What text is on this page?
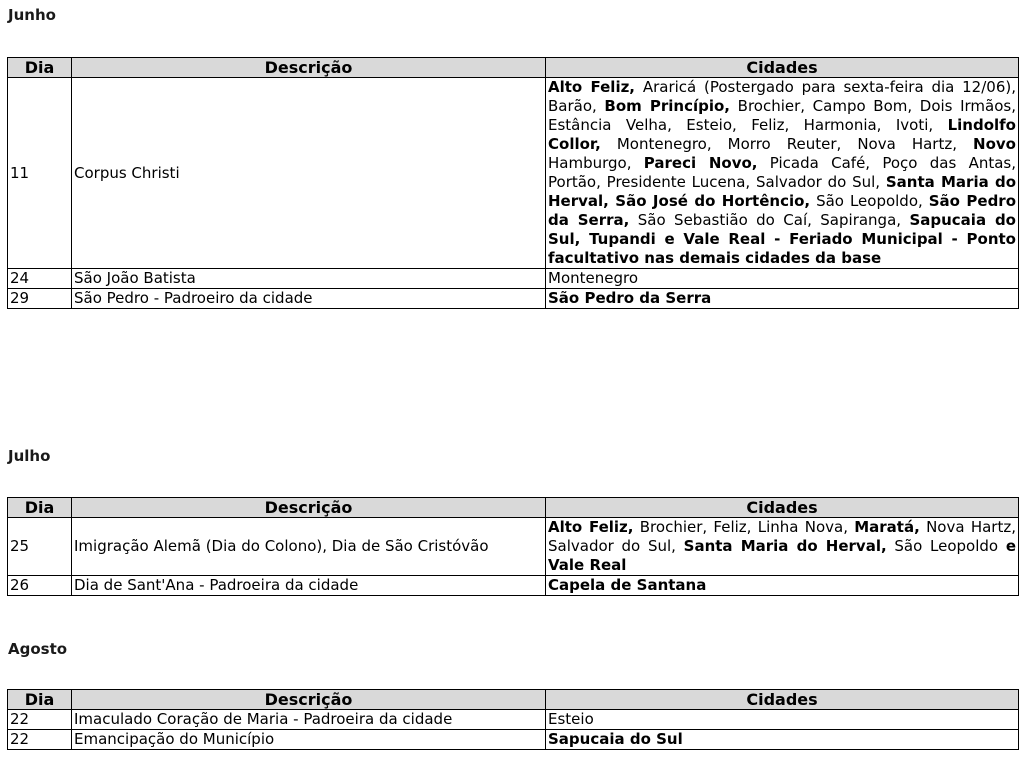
Junho
Dia	Descrição	Cidades
11	Corpus Christi	Alto Feliz, Araricá (Postergado para sexta-feira dia 12/06), Barão, Bom Princípio, Brochier, Campo Bom, Dois Irmãos, Estância Velha, Esteio, Feliz, Harmonia, Ivoti, Lindolfo Collor, Montenegro, Morro Reuter, Nova Hartz, Novo Hamburgo, Pareci Novo, Picada Café, Poço das Antas, Portão, Presidente Lucena, Salvador do Sul, Santa Maria do Herval, São José do Hortêncio, São Leopoldo, São Pedro da Serra, São Sebastião do Caí, Sapiranga, Sapucaia do Sul, Tupandi e Vale Real - Feriado Municipal - Ponto facultativo nas demais cidades da base
24	São João Batista	Montenegro
29	São Pedro - Padroeiro da cidade	São Pedro da Serra
Julho
Dia	Descrição	Cidades
25	Imigração Alemã (Dia do Colono), Dia de São Cristóvão	Alto Feliz, Brochier, Feliz, Linha Nova, Maratá, Nova Hartz, Salvador do Sul, Santa Maria do Herval, São Leopoldo e Vale Real
26	Dia de Sant'Ana - Padroeira da cidade	Capela de Santana
Agosto
Dia	Descrição	Cidades
22	Imaculado Coração de Maria - Padroeira da cidade	Esteio
22	Emancipação do Município	Sapucaia do Sul
